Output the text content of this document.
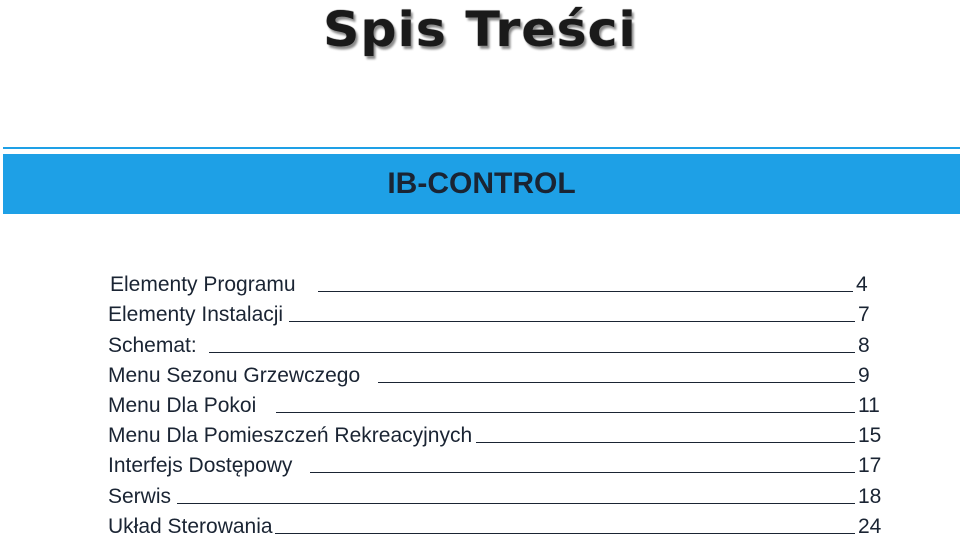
Spis Treści
IB-CONTROL
Elementy Programu	4
Elementy Instalacji	7
Schemat:	8
Menu Sezonu Grzewczego	9
Menu Dla Pokoi	11
Menu Dla Pomieszczeń Rekreacyjnych	15
Interfejs Dostępowy	17
Serwis	18
Układ Sterowania	24
